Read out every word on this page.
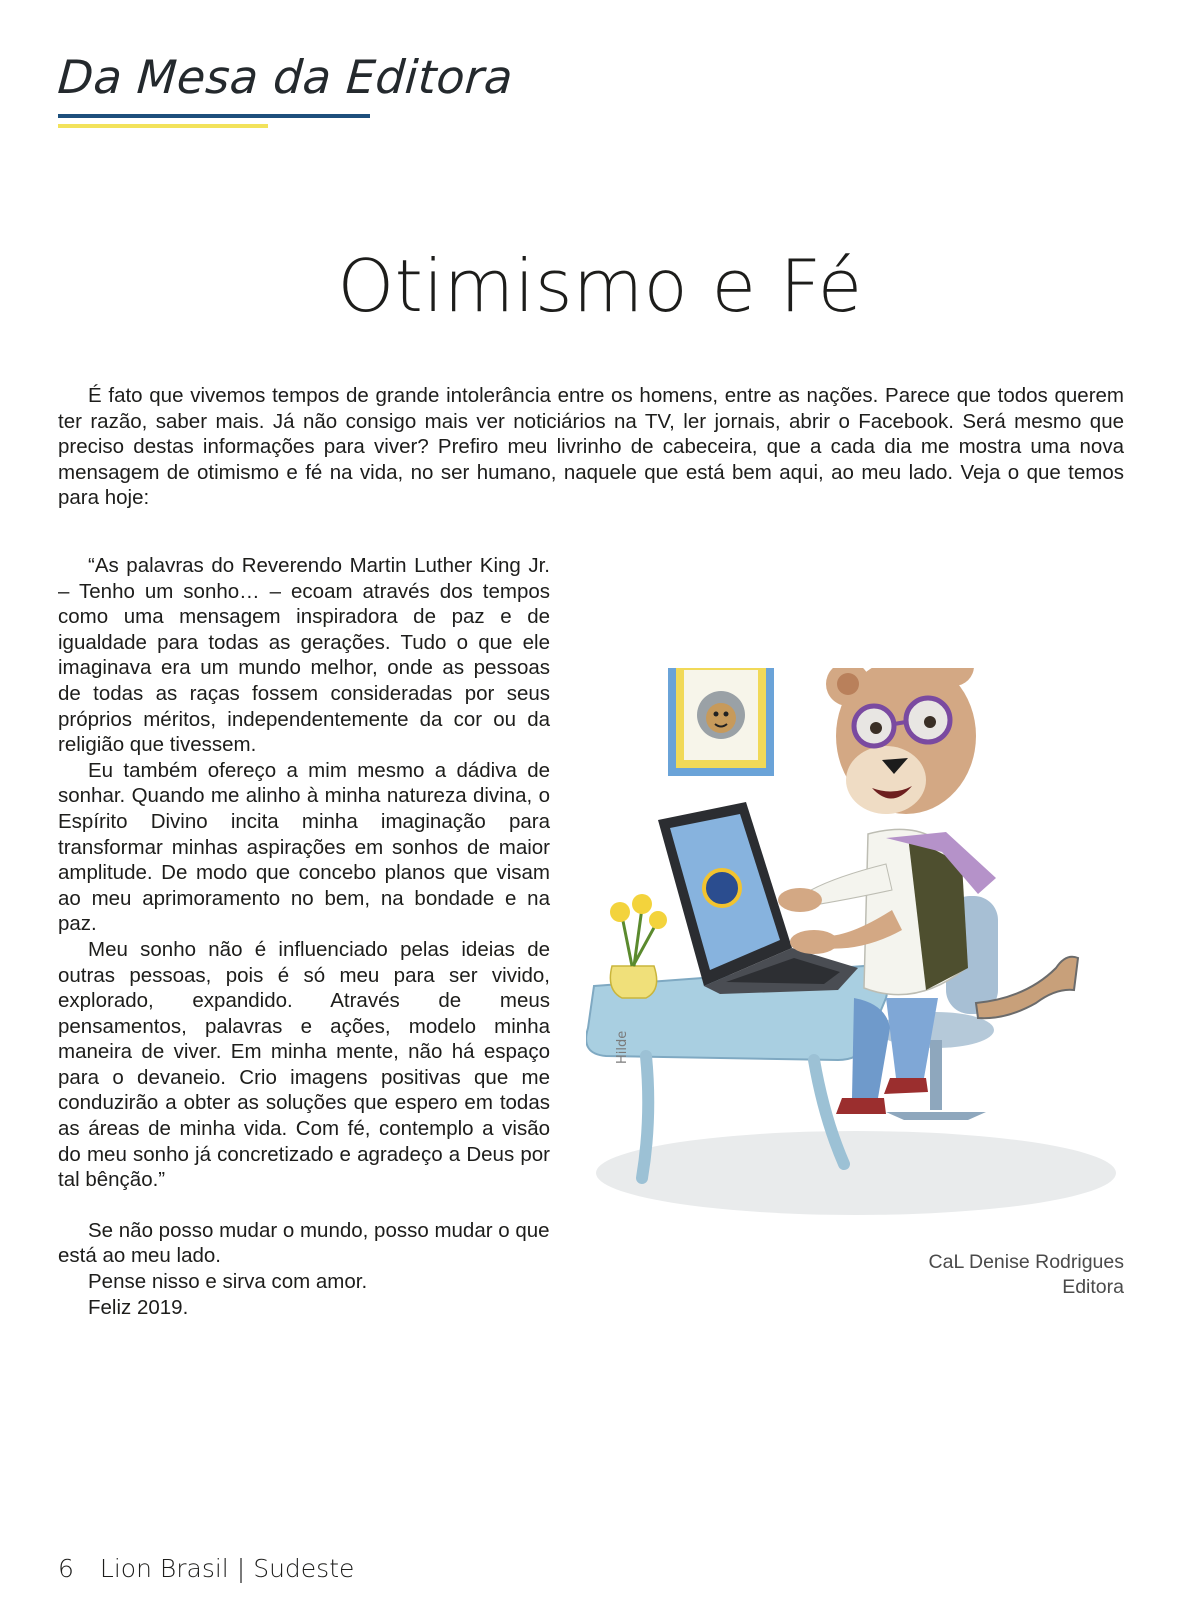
Da Mesa da Editora
Otimismo e Fé

É fato que vivemos tempos de grande intolerância entre os homens, entre as nações. Parece que todos querem ter razão, saber mais. Já não consigo mais ver noticiários na TV, ler jornais, abrir o Facebook. Será mesmo que preciso destas informações para viver? Prefiro meu livrinho de cabeceira, que a cada dia me mostra uma nova mensagem de otimismo e fé na vida, no ser humano, naquele que está bem aqui, ao meu lado. Veja o que temos para hoje:

“As palavras do Reverendo Martin Luther King Jr. – Tenho um sonho… – ecoam através dos tempos como uma mensagem inspiradora de paz e de igualdade para todas as gerações. Tudo o que ele imaginava era um mundo melhor, onde as pessoas de todas as raças fossem consideradas por seus próprios méritos, independentemente da cor ou da religião que tivessem.

Eu também ofereço a mim mesmo a dádiva de sonhar. Quando me alinho à minha natureza divina, o Espírito Divino incita minha imaginação para transformar minhas aspirações em sonhos de maior amplitude. De modo que concebo planos que visam ao meu aprimoramento no bem, na bondade e na paz.

Meu sonho não é influenciado pelas ideias de outras pessoas, pois é só meu para ser vivido, explorado, expandido. Através de meus pensamentos, palavras e ações, modelo minha maneira de viver. Em minha mente, não há espaço para o devaneio. Crio imagens positivas que me conduzirão a obter as soluções que espero em todas as áreas de minha vida. Com fé, contemplo a visão do meu sonho já concretizado e agradeço a Deus por tal bênção.”

Se não posso mudar o mundo, posso mudar o que está ao meu lado.

Pense nisso e sirva com amor.

Feliz 2019.

Hilde
CaL Denise Rodrigues
Editora
6 Lion Brasil | Sudeste
